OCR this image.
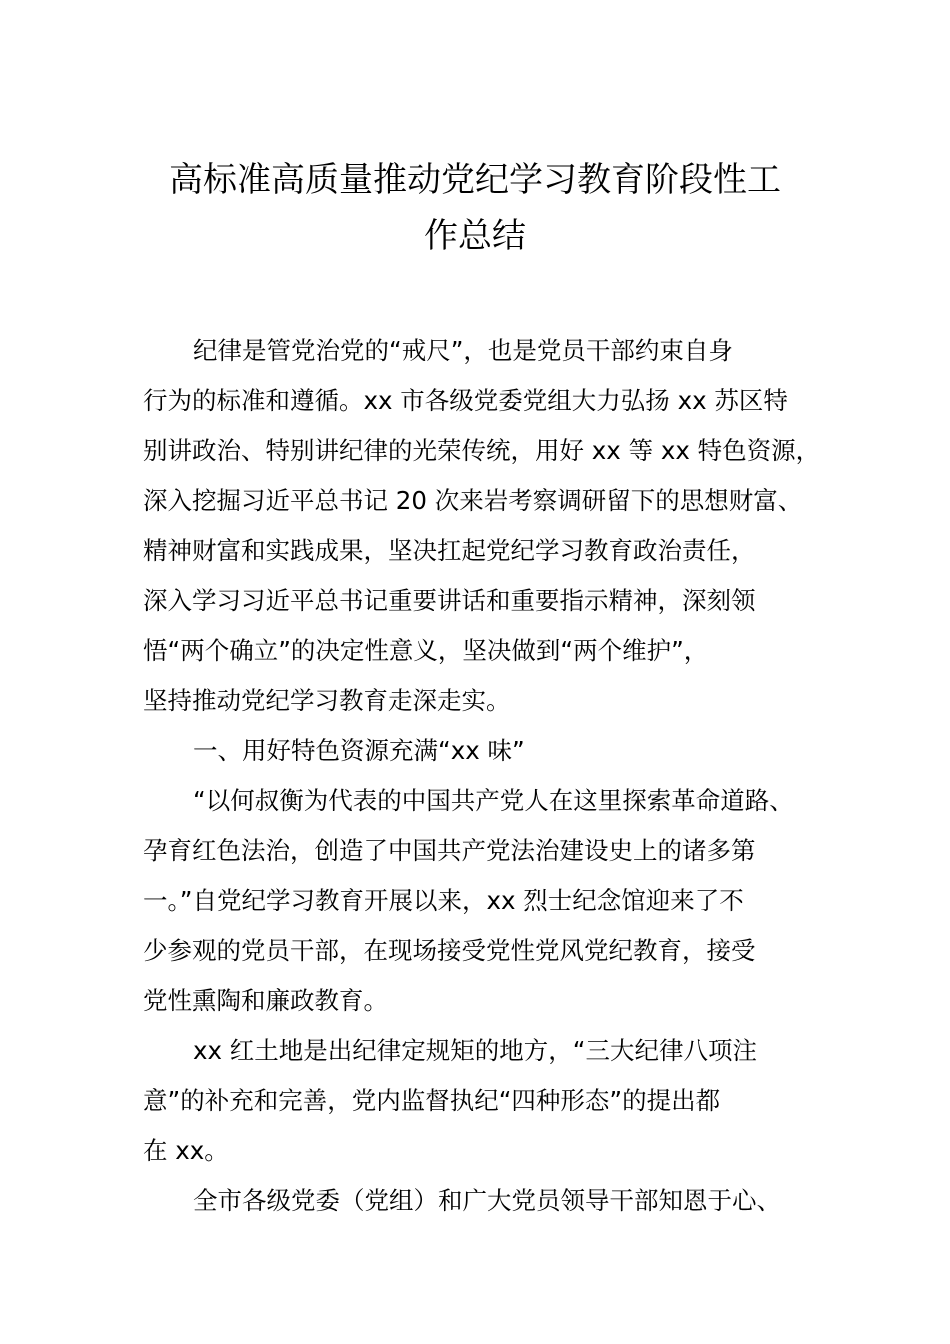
高标准高质量推动党纪学习教育阶段性工
作总结
纪律是管党治党的“戒尺”，也是党员干部约束自身
行为的标准和遵循。xx 市各级党委党组大力弘扬 xx 苏区特
别讲政治、特别讲纪律的光荣传统，用好 xx 等 xx 特色资源，
深入挖掘习近平总书记 20 次来岩考察调研留下的思想财富、
精神财富和实践成果，坚决扛起党纪学习教育政治责任，
深入学习习近平总书记重要讲话和重要指示精神，深刻领
悟“两个确立”的决定性意义，坚决做到“两个维护”，
坚持推动党纪学习教育走深走实。
一、用好特色资源充满“xx 味”
“以何叔衡为代表的中国共产党人在这里探索革命道路、
孕育红色法治，创造了中国共产党法治建设史上的诸多第
一。”自党纪学习教育开展以来，xx 烈士纪念馆迎来了不
少参观的党员干部，在现场接受党性党风党纪教育，接受
党性熏陶和廉政教育。
xx 红土地是出纪律定规矩的地方，“三大纪律八项注
意”的补充和完善，党内监督执纪“四种形态”的提出都
在 xx。
全市各级党委（党组）和广大党员领导干部知恩于心、
